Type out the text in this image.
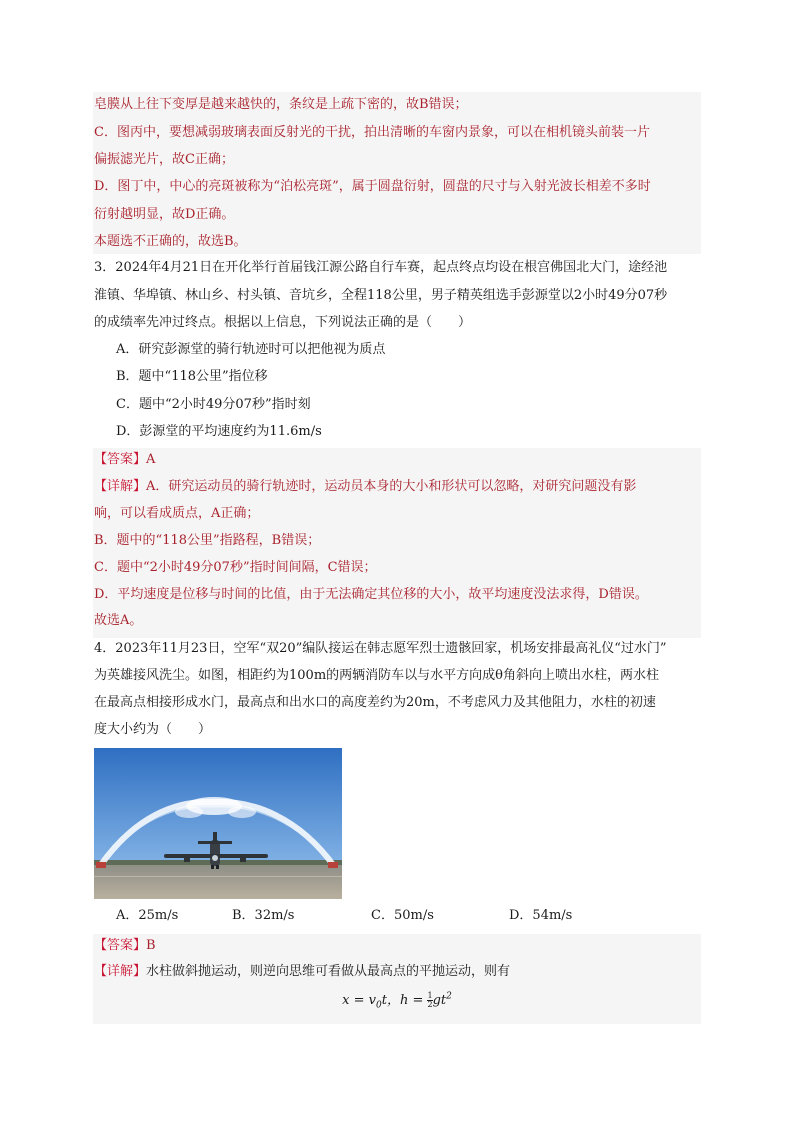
皂膜从上往下变厚是越来越快的，条纹是上疏下密的，故B错误；
C．图丙中，要想减弱玻璃表面反射光的干扰，拍出清晰的车窗内景象，可以在相机镜头前装一片
偏振滤光片，故C正确；
D．图丁中，中心的亮斑被称为“泊松亮斑”，属于圆盘衍射，圆盘的尺寸与入射光波长相差不多时
衍射越明显，故D正确。
本题选不正确的，故选B。
3．2024年4月21日在开化举行首届钱江源公路自行车赛，起点终点均设在根宫佛国北大门，途经池
淮镇、华埠镇、林山乡、村头镇、音坑乡，全程118公里，男子精英组选手彭源堂以2小时49分07秒
的成绩率先冲过终点。根据以上信息，下列说法正确的是（　　）
A．研究彭源堂的骑行轨迹时可以把他视为质点
B．题中“118公里”指位移
C．题中“2小时49分07秒”指时刻
D．彭源堂的平均速度约为11.6m/s
【答案】A
【详解】A．研究运动员的骑行轨迹时，运动员本身的大小和形状可以忽略，对研究问题没有影
响，可以看成质点，A正确；
B．题中的“118公里”指路程，B错误；
C．题中“2小时49分07秒”指时间间隔，C错误；
D．平均速度是位移与时间的比值，由于无法确定其位移的大小，故平均速度没法求得，D错误。
故选A。
4．2023年11月23日，空军“双20”编队接运在韩志愿军烈士遗骸回家，机场安排最高礼仪“过水门”
为英雄接风洗尘。如图，相距约为100m的两辆消防车以与水平方向成θ角斜向上喷出水柱，两水柱
在最高点相接形成水门，最高点和出水口的高度差约为20m，不考虑风力及其他阻力，水柱的初速
度大小约为（　　）
A．25m/s	B．32m/s	C．50m/s	D．54m/s
【答案】B
【详解】水柱做斜抛运动，则逆向思维可看做从最高点的平抛运动，则有
$x = v_0t$，$h = \frac{1}{2} gt^2$
